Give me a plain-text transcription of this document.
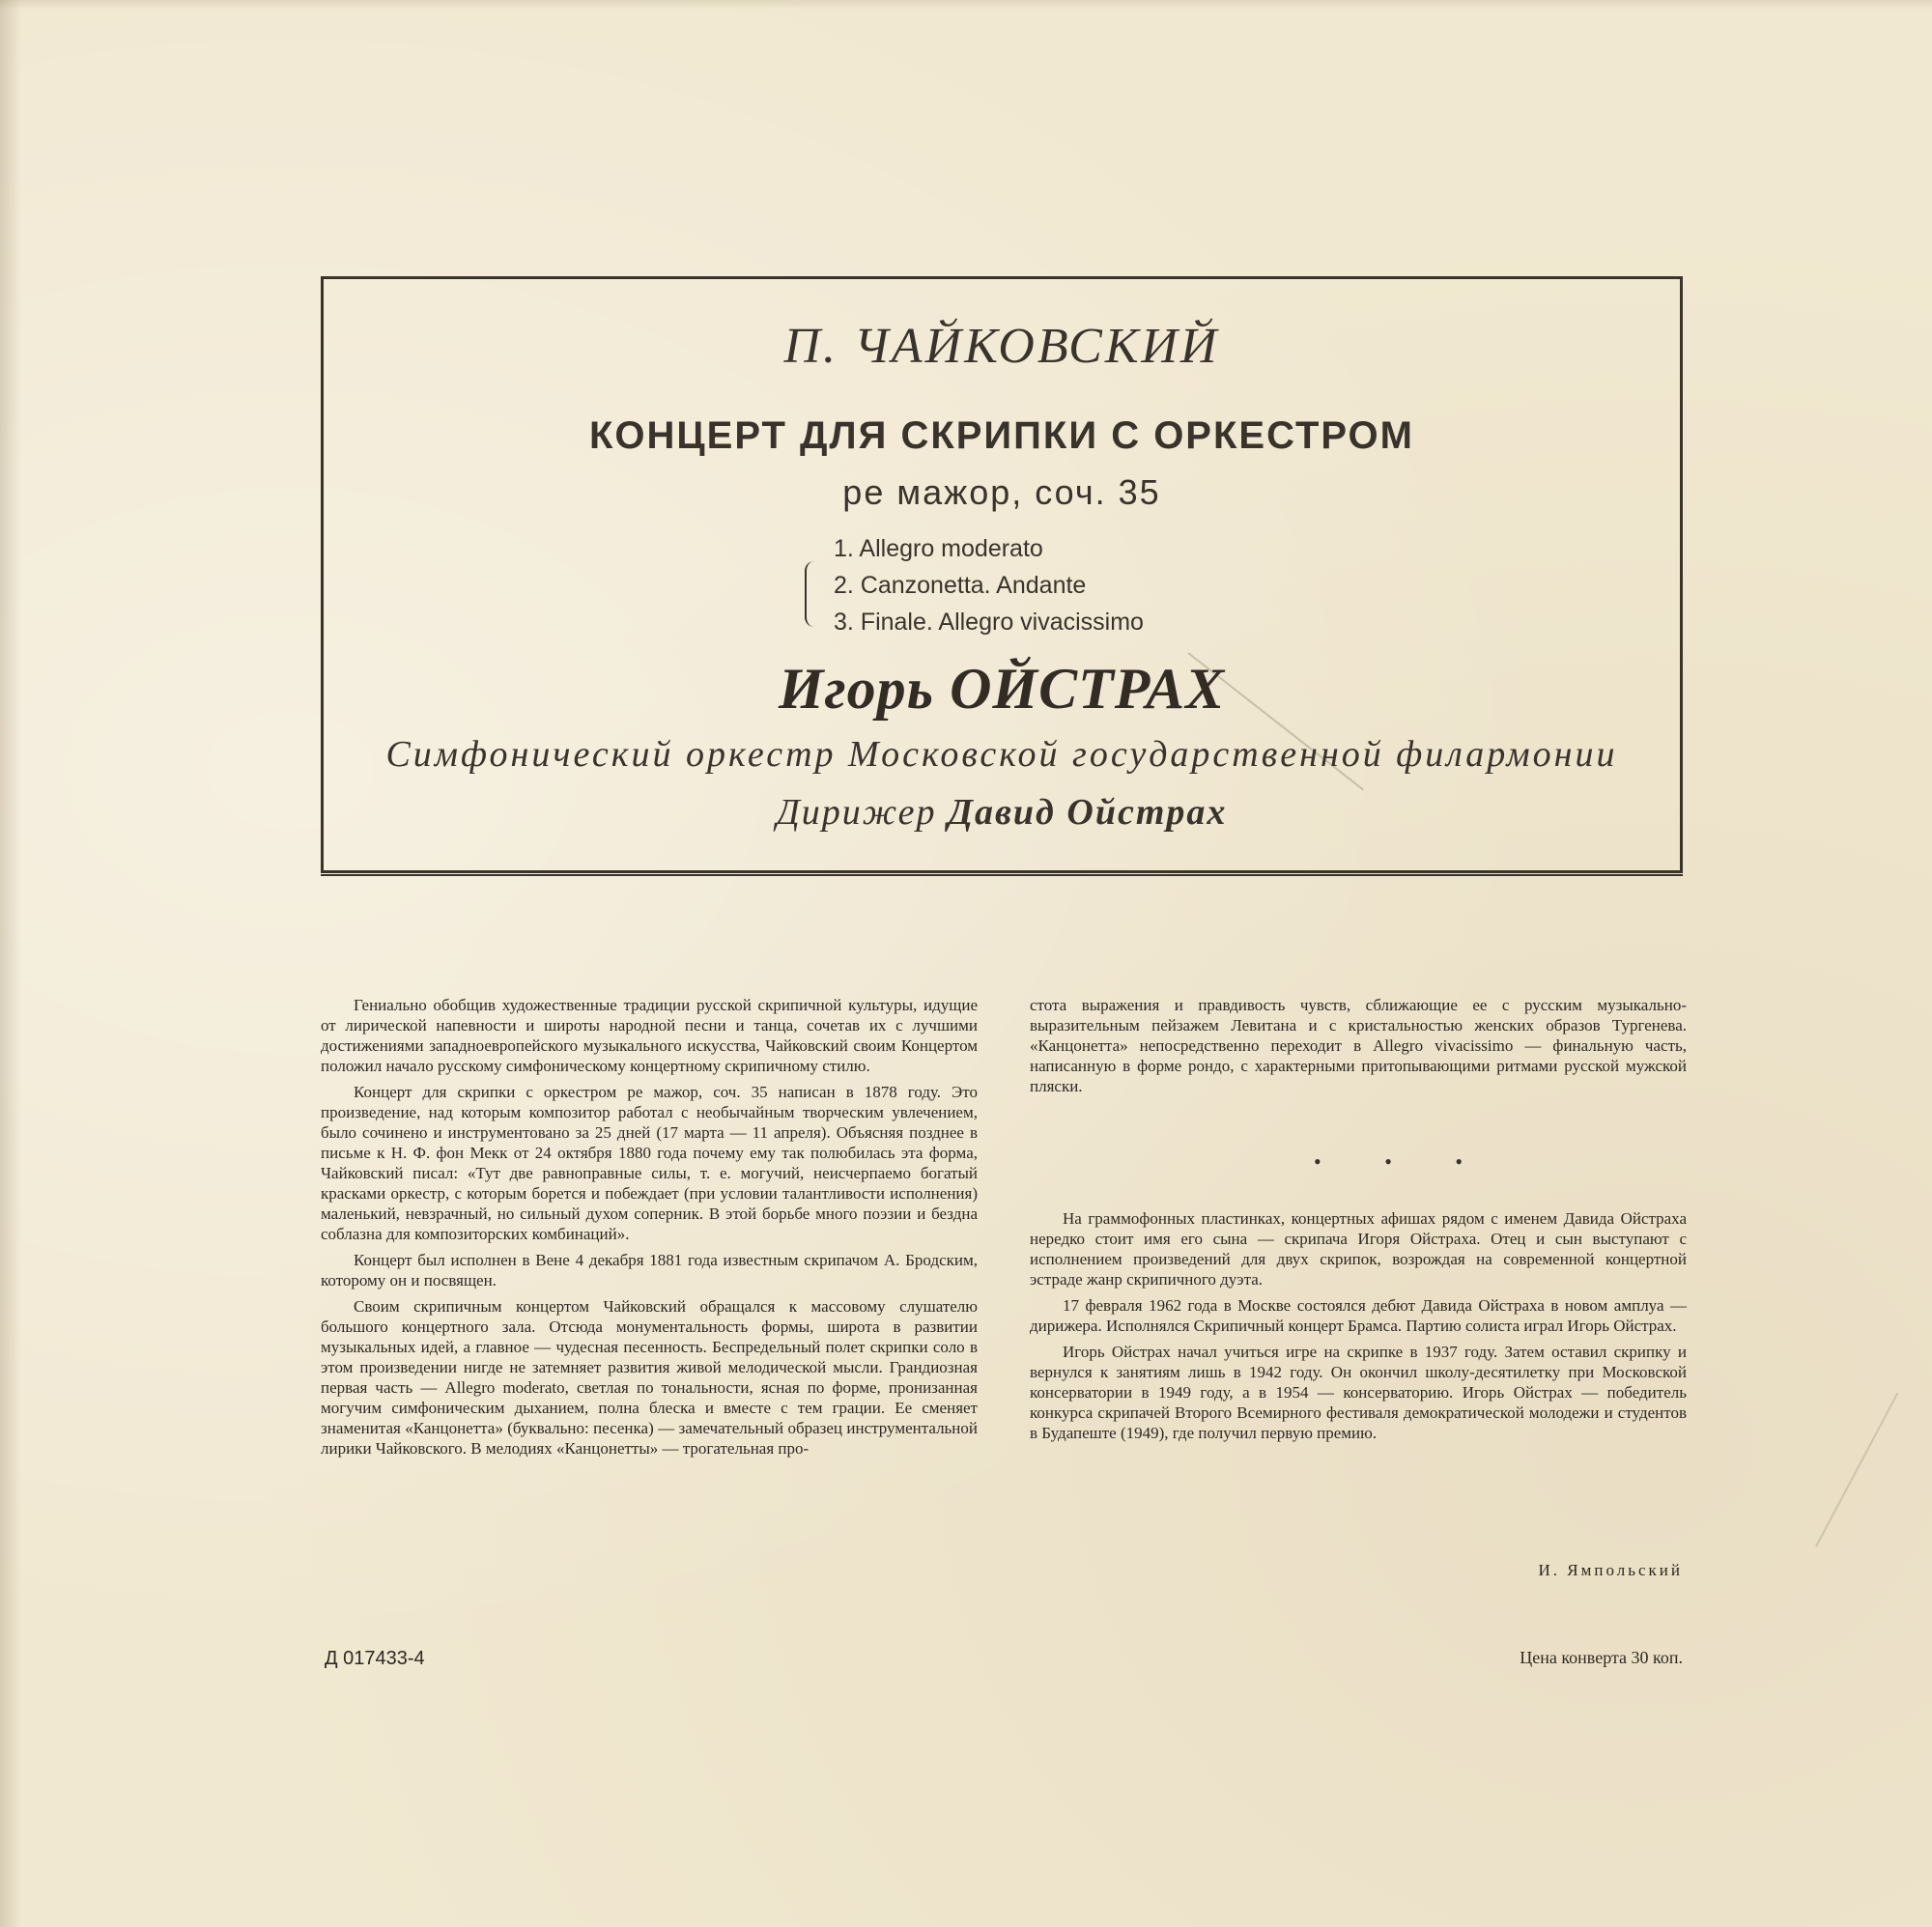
П. ЧАЙКОВСКИЙ
КОНЦЕРТ ДЛЯ СКРИПКИ С ОРКЕСТРОМ
ре мажор, соч. 35
1. Allegro moderato
2. Canzonetta. Andante
3. Finale. Allegro vivacissimo
Игорь ОЙСТРАХ
Симфонический оркестр Московской государственной филармонии
Дирижер Давид Ойстрах

Гениально обобщив художественные традиции русской скрипичной культуры, идущие от лирической напевности и широты народной песни и танца, сочетав их с лучшими достижениями западноевропейского музыкального искусства, Чайковский своим Концертом положил начало русскому симфоническому концертному скрипичному стилю.

Концерт для скрипки с оркестром ре мажор, соч. 35 написан в 1878 году. Это произведение, над которым композитор работал с необычайным творческим увлечением, было сочинено и инструментовано за 25 дней (17 марта — 11 апреля). Объясняя позднее в письме к Н. Ф. фон Мекк от 24 октября 1880 года почему ему так полюбилась эта форма, Чайковский писал: «Тут две равноправные силы, т. е. могучий, неисчерпаемо богатый красками оркестр, с которым борется и побеждает (при условии талантливости исполнения) маленький, невзрачный, но сильный духом соперник. В этой борьбе много поэзии и бездна соблазна для композиторских комбинаций».

Концерт был исполнен в Вене 4 декабря 1881 года известным скрипачом А. Бродским, которому он и посвящен.

Своим скрипичным концертом Чайковский обращался к массовому слушателю большого концертного зала. Отсюда монументальность формы, широта в развитии музыкальных идей, а главное — чудесная песенность. Беспредельный полет скрипки соло в этом произведении нигде не затемняет развития живой мелодической мысли. Грандиозная первая часть — Allegro moderato, светлая по тональности, ясная по форме, пронизанная могучим симфоническим дыханием, полна блеска и вместе с тем грации. Ее сменяет знаменитая «Канцонетта» (буквально: песенка) — замечательный образец инструментальной лирики Чайковского. В мелодиях «Канцонетты» — трогательная про-

стота выражения и правдивость чувств, сближающие ее с русским музыкально-выразительным пейзажем Левитана и с кристальностью женских образов Тургенева. «Канцонетта» непосредственно переходит в Allegro vivacissimo — финальную часть, написанную в форме рондо, с характерными притопывающими ритмами русской мужской пляски.

На граммофонных пластинках, концертных афишах рядом с именем Давида Ойстраха нередко стоит имя его сына — скрипача Игоря Ойстраха. Отец и сын выступают с исполнением произведений для двух скрипок, возрождая на современной концертной эстраде жанр скрипичного дуэта.

17 февраля 1962 года в Москве состоялся дебют Давида Ойстраха в новом амплуа — дирижера. Исполнялся Скрипичный концерт Брамса. Партию солиста играл Игорь Ойстрах.

Игорь Ойстрах начал учиться игре на скрипке в 1937 году. Затем оставил скрипку и вернулся к занятиям лишь в 1942 году. Он окончил школу-десятилетку при Московской консерватории в 1949 году, а в 1954 — консерваторию. Игорь Ойстрах — победитель конкурса скрипачей Второго Всемирного фестиваля демократической молодежи и студентов в Будапеште (1949), где получил первую премию.

• • •
И. Ямпольский
Д 017433-4	Цена конверта 30 коп.
